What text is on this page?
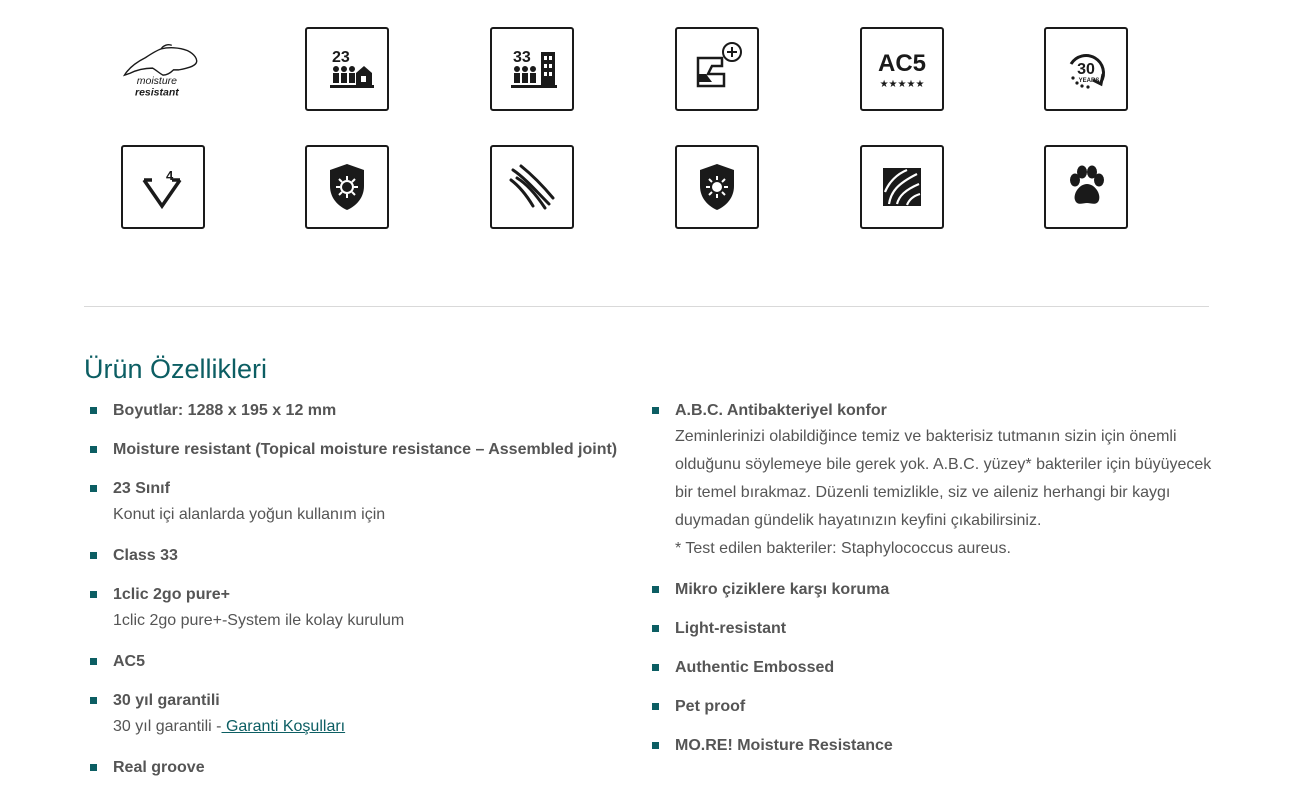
moisture
resistant
23	33	AC5
★★★★★
30
YEARS
4
Ürün Özellikleri
Boyutlar: 1288 x 195 x 12 mm
Moisture resistant (Topical moisture resistance – Assembled joint)
23 Sınıf
Konut içi alanlarda yoğun kullanım için
Class 33
1clic 2go pure+
1clic 2go pure+-System ile kolay kurulum
AC5
30 yıl garantili
30 yıl garantili - Garanti Koşulları
Real groove
A.B.C. Antibakteriyel konfor
Zeminlerinizi olabildiğince temiz ve bakterisiz tutmanın sizin için önemli olduğunu söylemeye bile gerek yok. A.B.C. yüzey* bakteriler için büyüyecek bir temel bırakmaz. Düzenli temizlikle, siz ve aileniz herhangi bir kaygı duymadan gündelik hayatınızın keyfini çıkabilirsiniz.
* Test edilen bakteriler: Staphylococcus aureus.
Mikro çiziklere karşı koruma
Light-resistant
Authentic Embossed
Pet proof
MO.RE! Moisture Resistance
